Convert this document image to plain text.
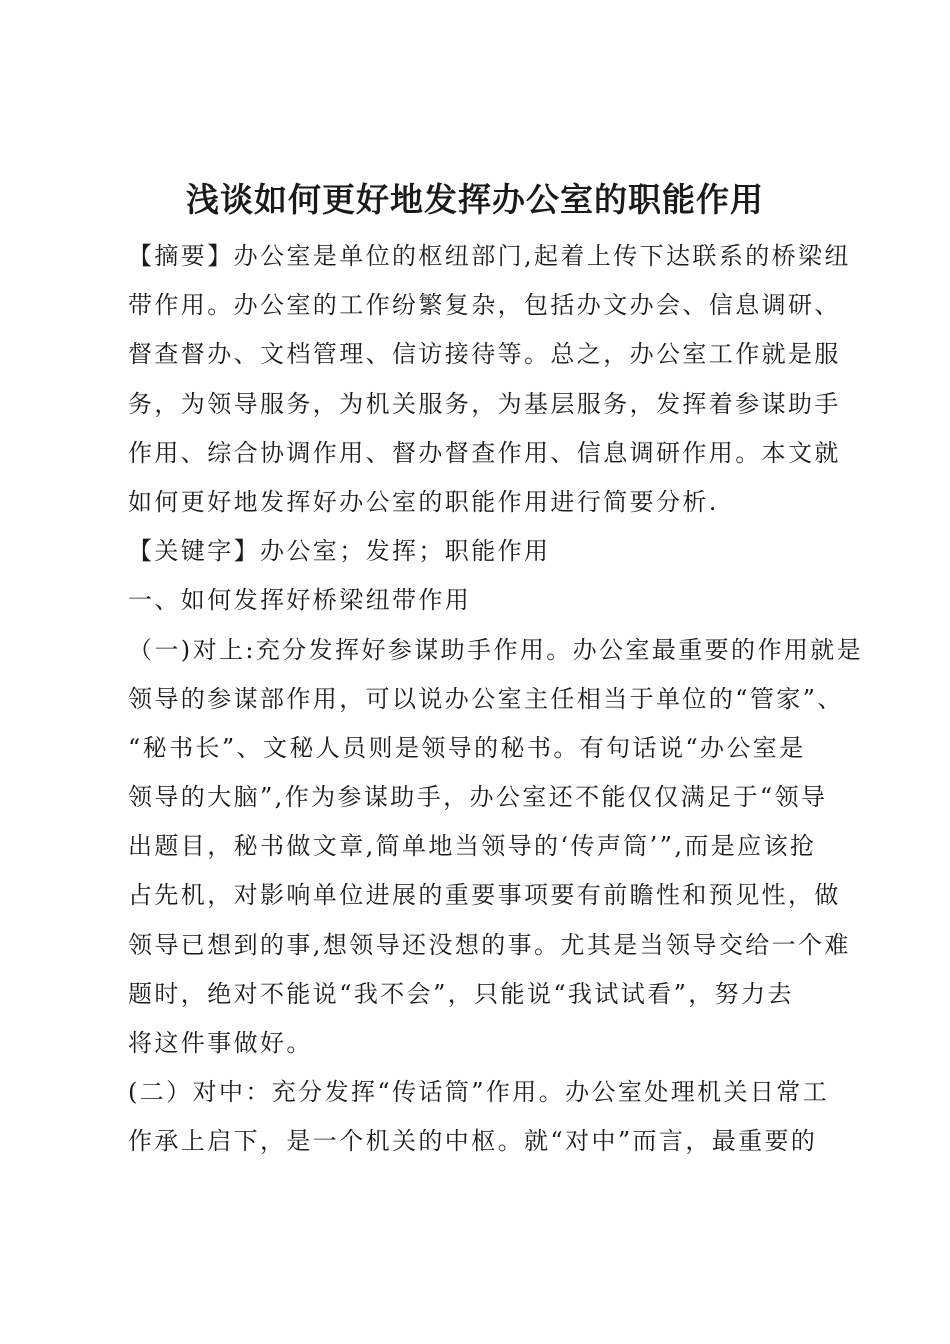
浅谈如何更好地发挥办公室的职能作用
【摘要】办公室是单位的枢纽部门,起着上传下达联系的桥梁纽
带作用。办公室的工作纷繁复杂，包括办文办会、信息调研、
督查督办、文档管理、信访接待等。总之，办公室工作就是服
务，为领导服务，为机关服务，为基层服务，发挥着参谋助手
作用、综合协调作用、督办督查作用、信息调研作用。本文就
如何更好地发挥好办公室的职能作用进行简要分析.
【关键字】办公室；发挥；职能作用
一、如何发挥好桥梁纽带作用
（一)对上:充分发挥好参谋助手作用。办公室最重要的作用就是
领导的参谋部作用，可以说办公室主任相当于单位的“管家”、
“秘书长”、文秘人员则是领导的秘书。有句话说“办公室是
领导的大脑”,作为参谋助手，办公室还不能仅仅满足于“领导
出题目，秘书做文章,简单地当领导的‘传声筒’”,而是应该抢
占先机，对影响单位进展的重要事项要有前瞻性和预见性，做
领导已想到的事,想领导还没想的事。尤其是当领导交给一个难
题时，绝对不能说“我不会”，只能说“我试试看”，努力去
将这件事做好。
(二）对中：充分发挥“传话筒”作用。办公室处理机关日常工
作承上启下，是一个机关的中枢。就“对中”而言，最重要的
